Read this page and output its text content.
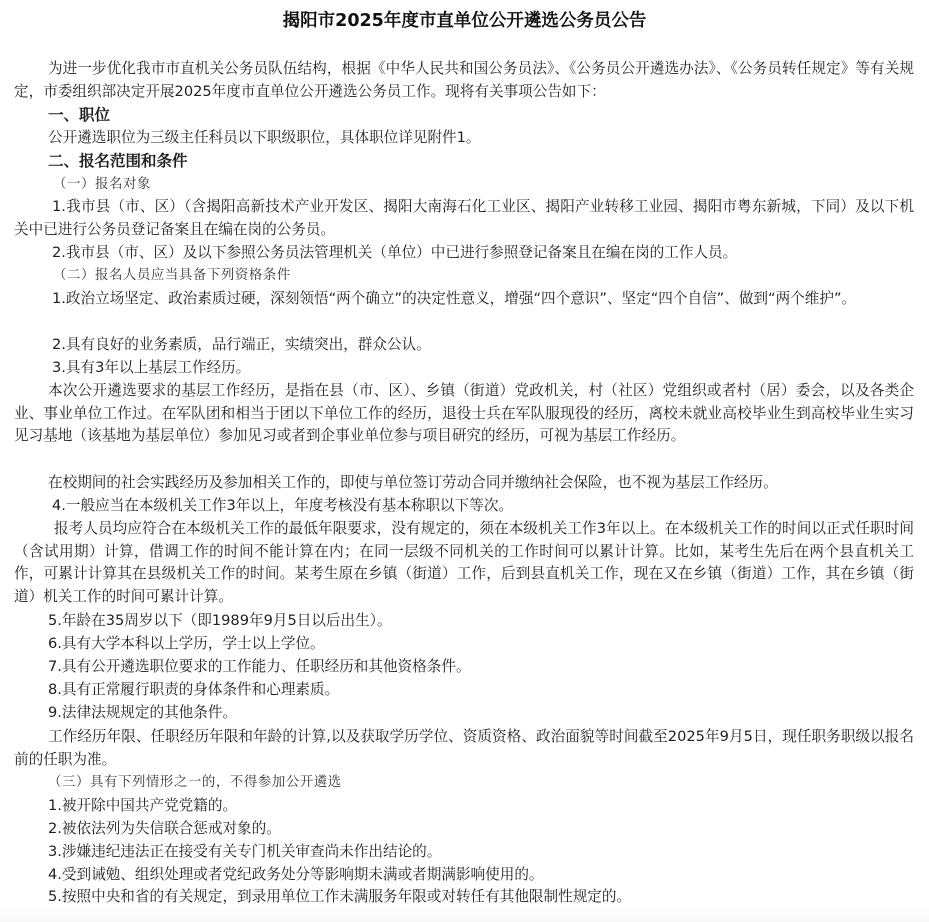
揭阳市2025年度市直单位公开遴选公务员公告
为进一步优化我市市直机关公务员队伍结构，根据《中华人民共和国公务员法》、《公务员公开遴选办法》、《公务员转任规定》等有关规定，市委组织部决定开展2025年度市直单位公开遴选公务员工作。现将有关事项公告如下：
一、职位
公开遴选职位为三级主任科员以下职级职位，具体职位详见附件1。
二、报名范围和条件
（一）报名对象
1.我市县（市、区）（含揭阳高新技术产业开发区、揭阳大南海石化工业区、揭阳产业转移工业园、揭阳市粤东新城，下同）及以下机关中已进行公务员登记备案且在编在岗的公务员。
2.我市县（市、区）及以下参照公务员法管理机关（单位）中已进行参照登记备案且在编在岗的工作人员。
（二）报名人员应当具备下列资格条件
1.政治立场坚定、政治素质过硬，深刻领悟“两个确立”的决定性意义，增强“四个意识”、坚定“四个自信”、做到“两个维护”。
2.具有良好的业务素质，品行端正，实绩突出，群众公认。
3.具有3年以上基层工作经历。
本次公开遴选要求的基层工作经历，是指在县（市、区）、乡镇（街道）党政机关，村（社区）党组织或者村（居）委会，以及各类企业、事业单位工作过。在军队团和相当于团以下单位工作的经历，退役士兵在军队服现役的经历，离校未就业高校毕业生到高校毕业生实习见习基地（该基地为基层单位）参加见习或者到企事业单位参与项目研究的经历，可视为基层工作经历。
在校期间的社会实践经历及参加相关工作的，即使与单位签订劳动合同并缴纳社会保险，也不视为基层工作经历。
4.一般应当在本级机关工作3年以上，年度考核没有基本称职以下等次。
报考人员均应符合在本级机关工作的最低年限要求，没有规定的，须在本级机关工作3年以上。在本级机关工作的时间以正式任职时间（含试用期）计算，借调工作的时间不能计算在内；在同一层级不同机关的工作时间可以累计计算。比如，某考生先后在两个县直机关工作，可累计计算其在县级机关工作的时间。某考生原在乡镇（街道）工作，后到县直机关工作，现在又在乡镇（街道）工作，其在乡镇（街道）机关工作的时间可累计计算。
5.年龄在35周岁以下（即1989年9月5日以后出生）。
6.具有大学本科以上学历，学士以上学位。
7.具有公开遴选职位要求的工作能力、任职经历和其他资格条件。
8.具有正常履行职责的身体条件和心理素质。
9.法律法规规定的其他条件。
工作经历年限、任职经历年限和年龄的计算,以及获取学历学位、资质资格、政治面貌等时间截至2025年9月5日，现任职务职级以报名前的任职为准。
（三）具有下列情形之一的，不得参加公开遴选
1.被开除中国共产党党籍的。
2.被依法列为失信联合惩戒对象的。
3.涉嫌违纪违法正在接受有关专门机关审查尚未作出结论的。
4.受到诫勉、组织处理或者党纪政务处分等影响期未满或者期满影响使用的。
5.按照中央和省的有关规定，到录用单位工作未满服务年限或对转任有其他限制性规定的。
